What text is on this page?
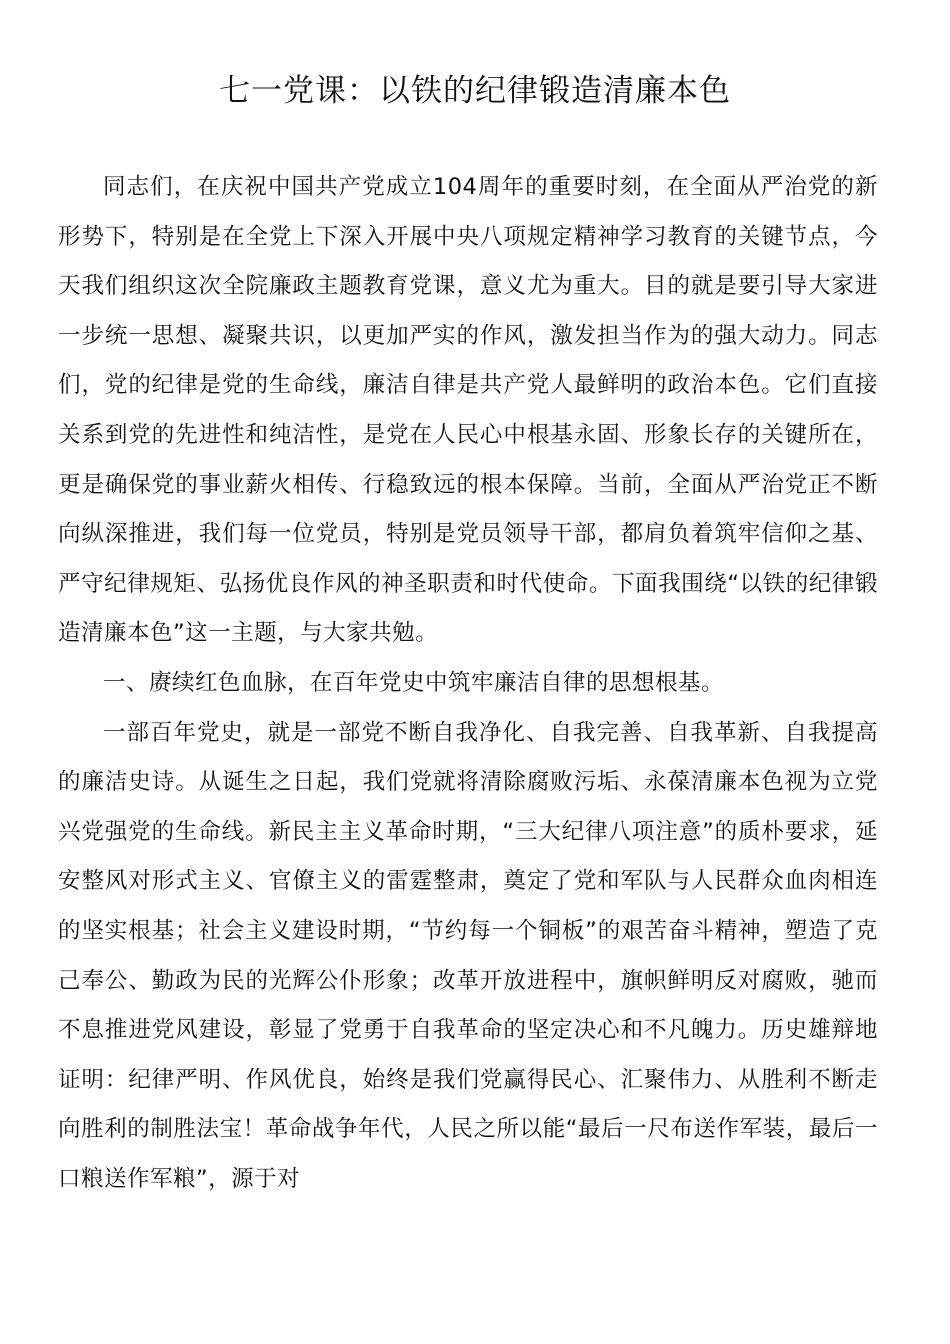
七一党课：以铁的纪律锻造清廉本色

同志们，在庆祝中国共产党成立104周年的重要时刻，在全面从严治党的新形势下，特别是在全党上下深入开展中央八项规定精神学习教育的关键节点，今天我们组织这次全院廉政主题教育党课，意义尤为重大。目的就是要引导大家进一步统一思想、凝聚共识，以更加严实的作风，激发担当作为的强大动力。同志们，党的纪律是党的生命线，廉洁自律是共产党人最鲜明的政治本色。它们直接关系到党的先进性和纯洁性，是党在人民心中根基永固、形象长存的关键所在，更是确保党的事业薪火相传、行稳致远的根本保障。当前，全面从严治党正不断向纵深推进，我们每一位党员，特别是党员领导干部，都肩负着筑牢信仰之基、严守纪律规矩、弘扬优良作风的神圣职责和时代使命。下面我围绕“以铁的纪律锻造清廉本色”这一主题，与大家共勉。

一、赓续红色血脉，在百年党史中筑牢廉洁自律的思想根基。

一部百年党史，就是一部党不断自我净化、自我完善、自我革新、自我提高的廉洁史诗。从诞生之日起，我们党就将清除腐败污垢、永葆清廉本色视为立党兴党强党的生命线。新民主主义革命时期，“三大纪律八项注意”的质朴要求，延安整风对形式主义、官僚主义的雷霆整肃，奠定了党和军队与人民群众血肉相连的坚实根基；社会主义建设时期，“节约每一个铜板”的艰苦奋斗精神，塑造了克己奉公、勤政为民的光辉公仆形象；改革开放进程中，旗帜鲜明反对腐败，驰而不息推进党风建设，彰显了党勇于自我革命的坚定决心和不凡魄力。历史雄辩地证明：纪律严明、作风优良，始终是我们党赢得民心、汇聚伟力、从胜利不断走向胜利的制胜法宝！革命战争年代，人民之所以能“最后一尺布送作军装，最后一口粮送作军粮”，源于对
